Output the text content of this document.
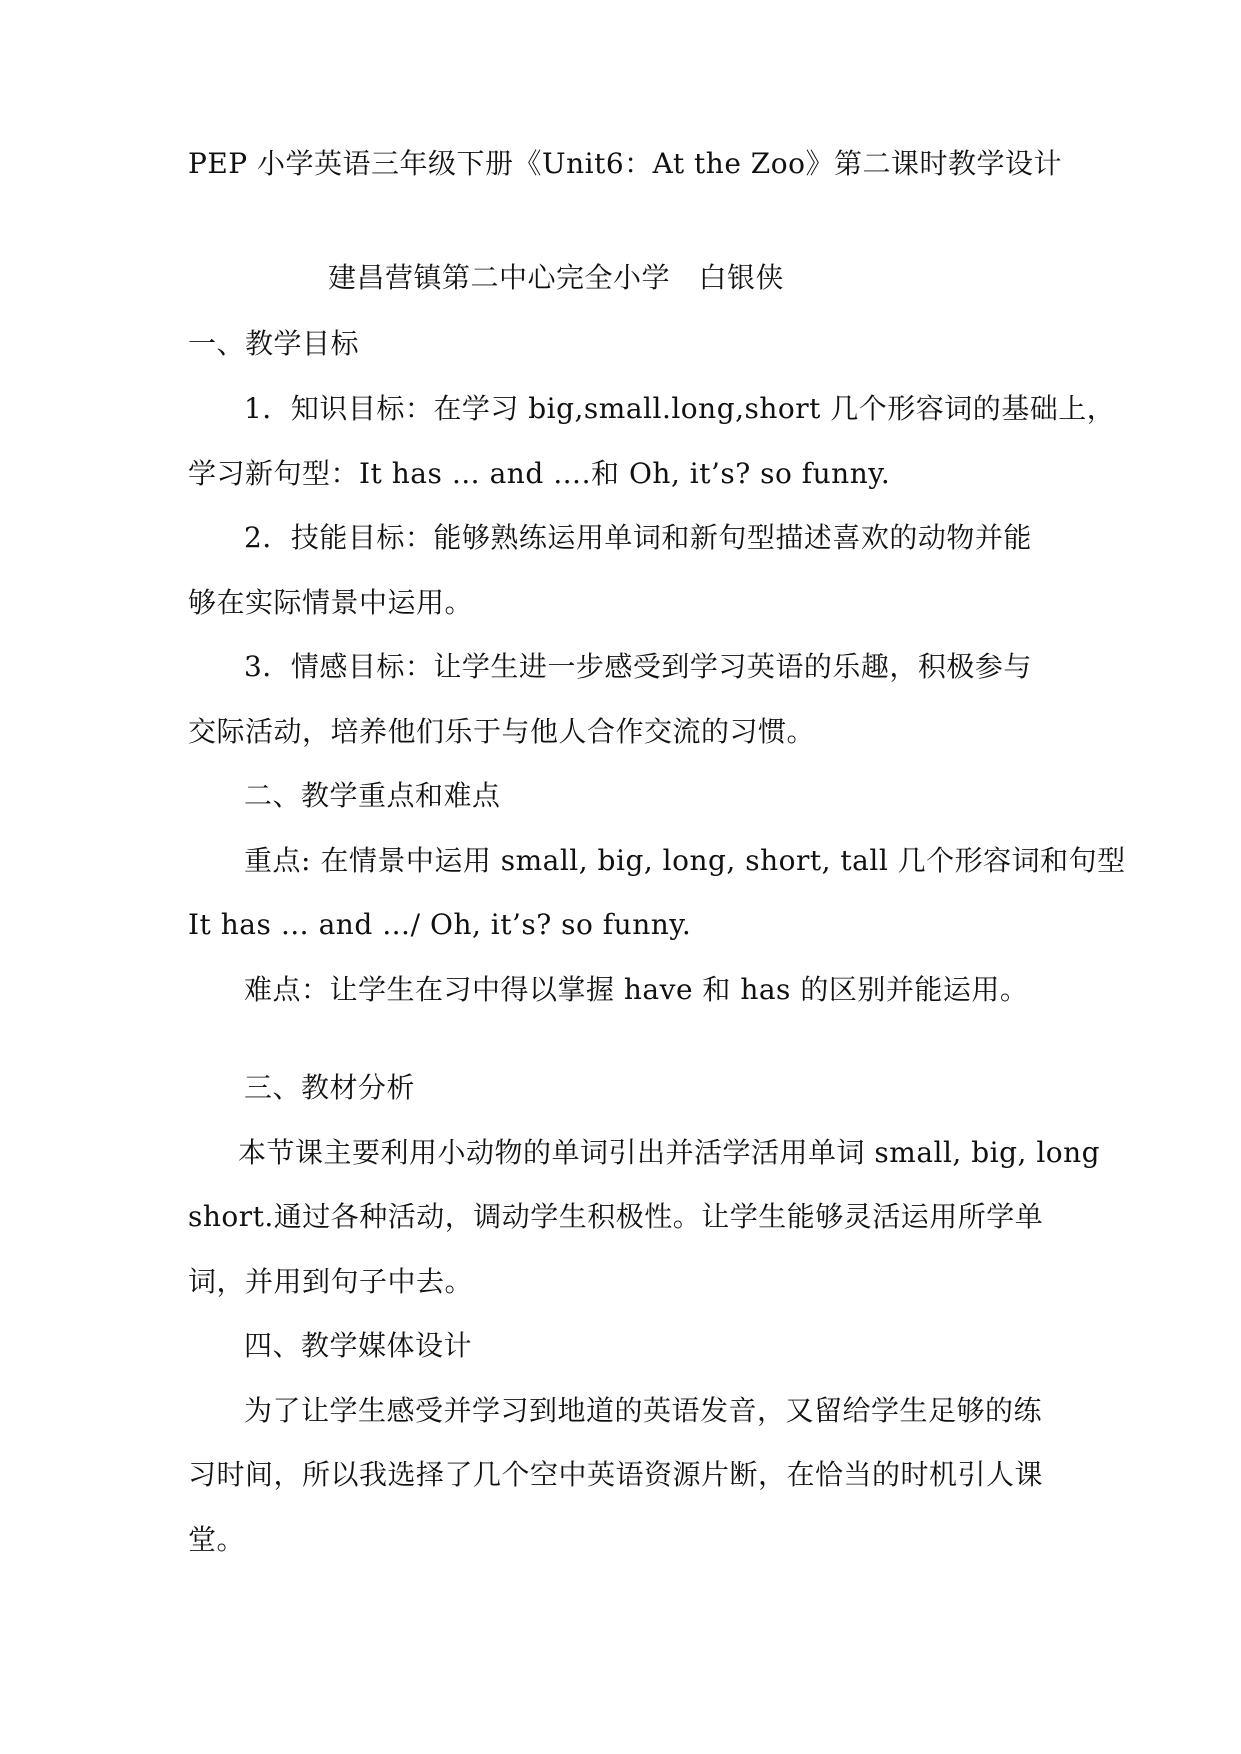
PEP 小学英语三年级下册《Unit6：At the Zoo》第二课时教学设计

建昌营镇第二中心完全小学　白银侠

一、教学目标

1．知识目标：在学习 big,small.long,short 几个形容词的基础上，

学习新句型：It has … and ….和 Oh, it’s? so funny.

2．技能目标：能够熟练运用单词和新句型描述喜欢的动物并能

够在实际情景中运用。

3．情感目标：让学生进一步感受到学习英语的乐趣，积极参与

交际活动，培养他们乐于与他人合作交流的习惯。

二、教学重点和难点

重点: 在情景中运用 small, big, long, short, tall 几个形容词和句型

It has … and …/ Oh, it’s? so funny.

难点：让学生在习中得以掌握 have 和 has 的区别并能运用。

三、教材分析

本节课主要利用小动物的单词引出并活学活用单词 small, big, long

short.通过各种活动，调动学生积极性。让学生能够灵活运用所学单

词，并用到句子中去。

四、教学媒体设计

为了让学生感受并学习到地道的英语发音，又留给学生足够的练

习时间，所以我选择了几个空中英语资源片断，在恰当的时机引人课

堂。
